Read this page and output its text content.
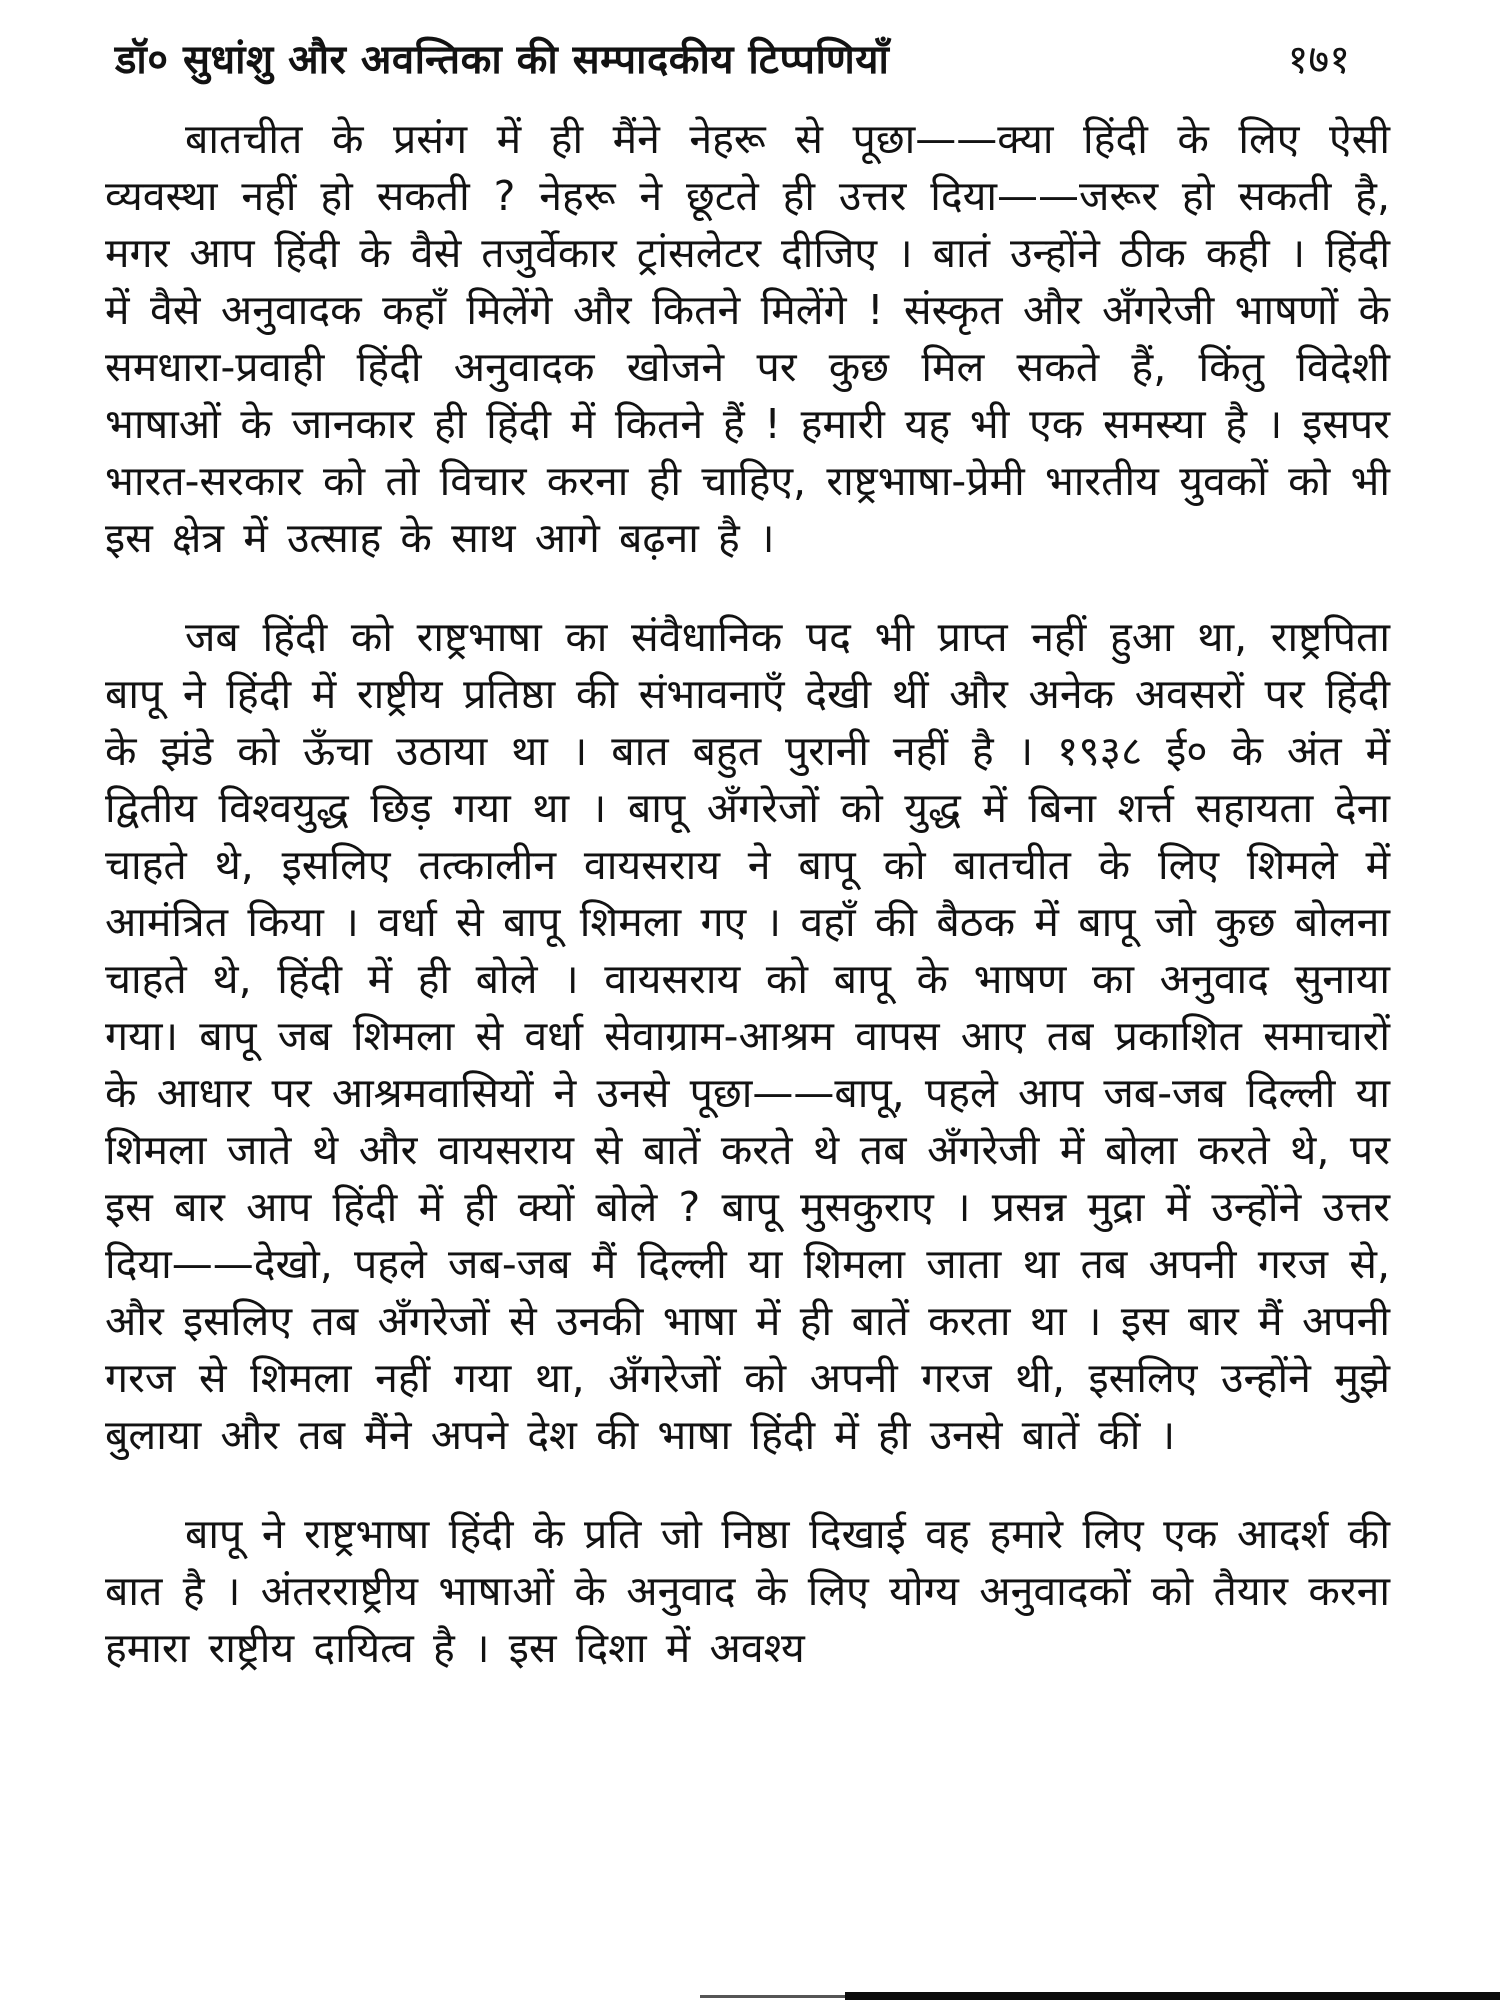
डॉ० सुधांशु और अवन्तिका की सम्पादकीय टिप्पणियाँ	१७१

बातचीत के प्रसंग में ही मैंने नेहरू से पूछा——क्या हिंदी के लिए ऐसी व्यवस्था नहीं हो सकती ? नेहरू ने छूटते ही उत्तर दिया——जरूर हो सकती है, मगर आप हिंदी के वैसे तजुर्वेकार ट्रांसलेटर दीजिए । बातं उन्होंने ठीक कही । हिंदी में वैसे अनुवादक कहाँ मिलेंगे और कितने मिलेंगे ! संस्कृत और अँगरेजी भाषणों के समधारा-प्रवाही हिंदी अनुवादक खोजने पर कुछ मिल सकते हैं, किंतु विदेशी भाषाओं के जानकार ही हिंदी में कितने हैं ! हमारी यह भी एक समस्या है । इसपर भारत-सरकार को तो विचार करना ही चाहिए, राष्ट्रभाषा-प्रेमी भारतीय युवकों को भी इस क्षेत्र में उत्साह के साथ आगे बढ़ना है ।

जब हिंदी को राष्ट्रभाषा का संवैधानिक पद भी प्राप्त नहीं हुआ था, राष्ट्रपिता बापू ने हिंदी में राष्ट्रीय प्रतिष्ठा की संभावनाएँ देखी थीं और अनेक अवसरों पर हिंदी के झंडे को ऊँचा उठाया था । बात बहुत पुरानी नहीं है । १९३८ ई० के अंत में द्वितीय विश्वयुद्ध छिड़ गया था । बापू अँगरेजों को युद्ध में बिना शर्त्त सहायता देना चाहते थे, इसलिए तत्कालीन वायसराय ने बापू को बातचीत के लिए शिमले में आमंत्रित किया । वर्धा से बापू शिमला गए । वहाँ की बैठक में बापू जो कुछ बोलना चाहते थे, हिंदी में ही बोले । वायसराय को बापू के भाषण का अनुवाद सुनाया गया। बापू जब शिमला से वर्धा सेवाग्राम-आश्रम वापस आए तब प्रकाशित समाचारों के आधार पर आश्रमवासियों ने उनसे पूछा——बापू, पहले आप जब-जब दिल्ली या शिमला जाते थे और वायसराय से बातें करते थे तब अँगरेजी में बोला करते थे, पर इस बार आप हिंदी में ही क्यों बोले ? बापू मुसकुराए । प्रसन्न मुद्रा में उन्होंने उत्तर दिया——देखो, पहले जब-जब मैं दिल्ली या शिमला जाता था तब अपनी गरज से, और इसलिए तब अँगरेजों से उनकी भाषा में ही बातें करता था । इस बार मैं अपनी गरज से शिमला नहीं गया था, अँगरेजों को अपनी गरज थी, इसलिए उन्होंने मुझे बुलाया और तब मैंने अपने देश की भाषा हिंदी में ही उनसे बातें कीं ।

बापू ने राष्ट्रभाषा हिंदी के प्रति जो निष्ठा दिखाई वह हमारे लिए एक आदर्श की बात है । अंतरराष्ट्रीय भाषाओं के अनुवाद के लिए योग्य अनुवादकों को तैयार करना हमारा राष्ट्रीय दायित्व है । इस दिशा में अवश्य
